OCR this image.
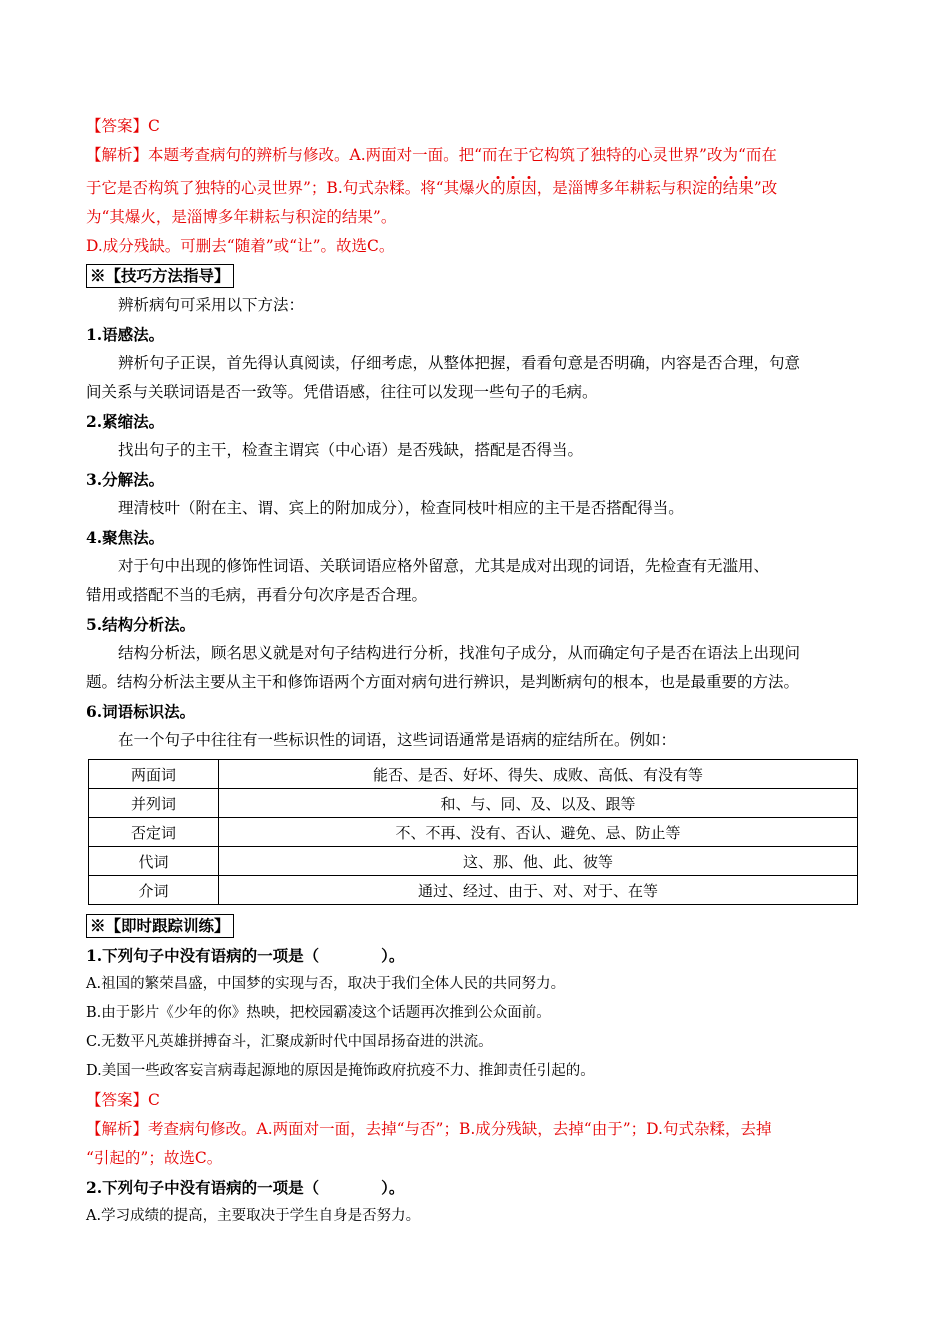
【答案】C
【解析】本题考查病句的辨析与修改。A.两面对一面。把“而在于它构筑了独特的心灵世界”改为“而在
于它是否构筑了独特的心灵世界”；B.句式杂糅。将“其爆火的原因，是淄博多年耕耘与积淀的结果”改
为“其爆火，是淄博多年耕耘与积淀的结果”。
D.成分残缺。可删去“随着”或“让”。故选C。
※【技巧方法指导】
辨析病句可采用以下方法：
1.语感法。
辨析句子正误，首先得认真阅读，仔细考虑，从整体把握，看看句意是否明确，内容是否合理，句意
间关系与关联词语是否一致等。凭借语感，往往可以发现一些句子的毛病。
2.紧缩法。
找出句子的主干，检查主谓宾（中心语）是否残缺，搭配是否得当。
3.分解法。
理清枝叶（附在主、谓、宾上的附加成分），检查同枝叶相应的主干是否搭配得当。
4.聚焦法。
对于句中出现的修饰性词语、关联词语应格外留意，尤其是成对出现的词语，先检查有无滥用、
错用或搭配不当的毛病，再看分句次序是否合理。
5.结构分析法。
结构分析法，顾名思义就是对句子结构进行分析，找准句子成分，从而确定句子是否在语法上出现问
题。结构分析法主要从主干和修饰语两个方面对病句进行辨识，是判断病句的根本，也是最重要的方法。
6.词语标识法。
在一个句子中往往有一些标识性的词语，这些词语通常是语病的症结所在。例如：
两面词	能否、是否、好坏、得失、成败、高低、有没有等
并列词	和、与、同、及、以及、跟等
否定词	不、不再、没有、否认、避免、忌、防止等
代词	这、那、他、此、彼等
介词	通过、经过、由于、对、对于、在等
※【即时跟踪训练】
1.下列句子中没有语病的一项是（　　　　）。
A.祖国的繁荣昌盛，中国梦的实现与否，取决于我们全体人民的共同努力。
B.由于影片《少年的你》热映，把校园霸凌这个话题再次推到公众面前。
C.无数平凡英雄拼搏奋斗，汇聚成新时代中国昂扬奋进的洪流。
D.美国一些政客妄言病毒起源地的原因是掩饰政府抗疫不力、推卸责任引起的。
【答案】C
【解析】考查病句修改。A.两面对一面，去掉“与否”；B.成分残缺，去掉“由于”；D.句式杂糅，去掉
“引起的”；故选C。
2.下列句子中没有语病的一项是（　　　　）。
A.学习成绩的提高，主要取决于学生自身是否努力。
